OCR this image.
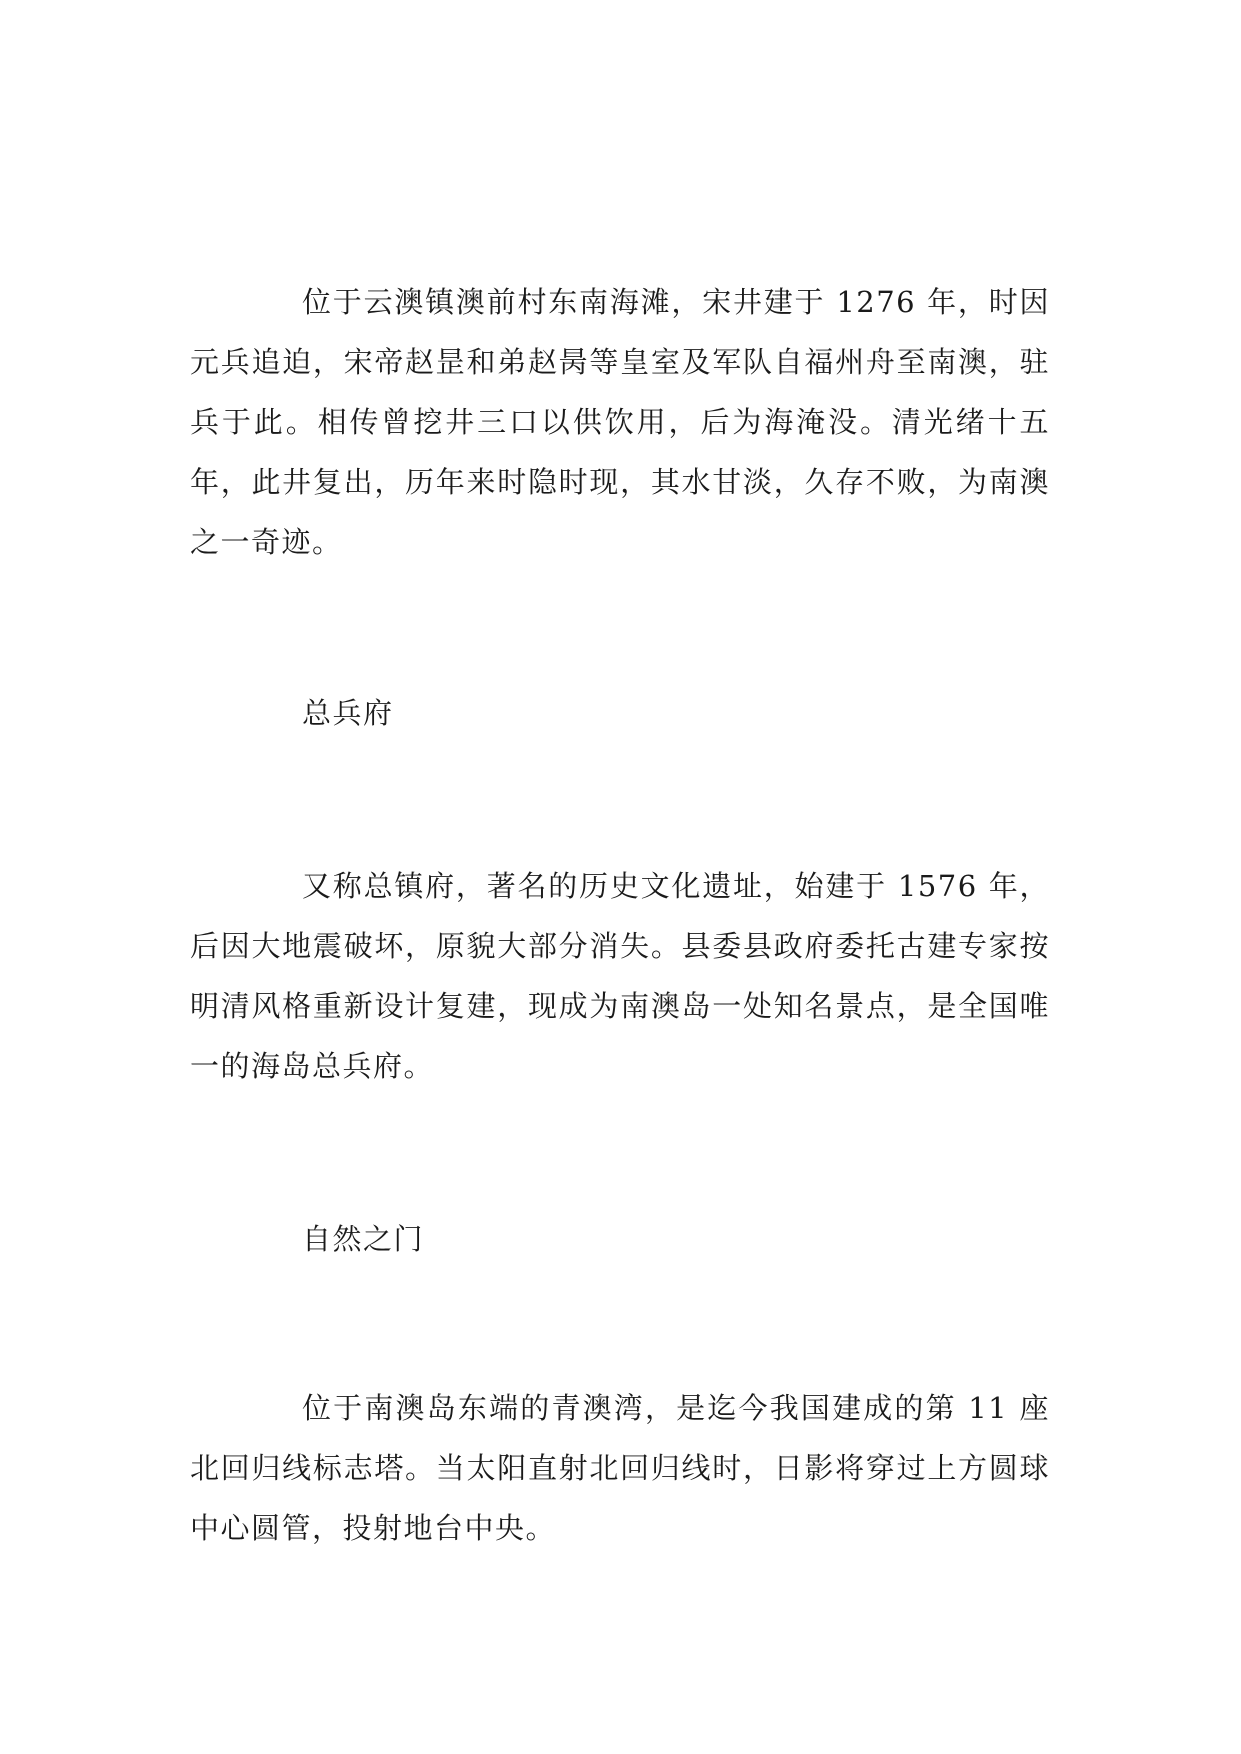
位于云澳镇澳前村东南海滩，宋井建于 1276 年，时因元兵追迫，宋帝赵昰和弟赵昺等皇室及军队自福州舟至南澳，驻兵于此。相传曾挖井三口以供饮用，后为海淹没。清光绪十五年，此井复出，历年来时隐时现，其水甘淡，久存不败，为南澳之一奇迹。

总兵府

又称总镇府，著名的历史文化遗址，始建于 1576 年，后因大地震破坏，原貌大部分消失。县委县政府委托古建专家按明清风格重新设计复建，现成为南澳岛一处知名景点，是全国唯一的海岛总兵府。

自然之门

位于南澳岛东端的青澳湾，是迄今我国建成的第 11 座北回归线标志塔。当太阳直射北回归线时，日影将穿过上方圆球中心圆管，投射地台中央。
